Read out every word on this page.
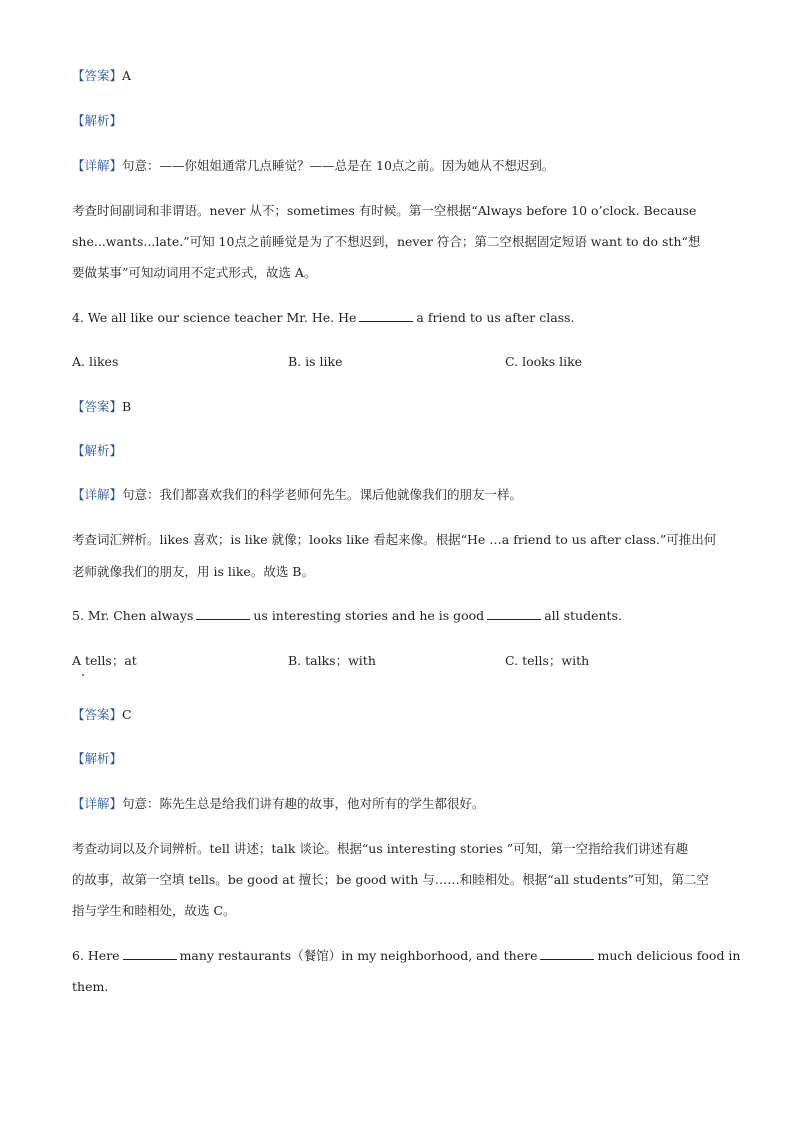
【答案】A
【解析】
【详解】句意：——你姐姐通常几点睡觉？——总是在 10点之前。因为她从不想迟到。
考查时间副词和非谓语。never 从不；sometimes 有时候。第一空根据“Always before 10 o’clock. Because
she...wants...late.”可知 10点之前睡觉是为了不想迟到，never 符合；第二空根据固定短语 want to do sth“想
要做某事”可知动词用不定式形式，故选 A。
4. We all like our science teacher Mr. He. He	a friend to us after class.
A. likes	B. is like	C. looks like
【答案】B
【解析】
【详解】句意：我们都喜欢我们的科学老师何先生。课后他就像我们的朋友一样。
考查词汇辨析。likes 喜欢；is like 就像；looks like 看起来像。根据“He …a friend to us after class.”可推出何
老师就像我们的朋友，用 is like。故选 B。
5. Mr. Chen always	us interesting stories and he is good	all students.
A tells；at	B. talks；with	C. tells；with
【答案】C
【解析】
【详解】句意：陈先生总是给我们讲有趣的故事，他对所有的学生都很好。
考查动词以及介词辨析。tell 讲述；talk 谈论。根据“us interesting stories ”可知，第一空指给我们讲述有趣
的故事，故第一空填 tells。be good at 擅长；be good with 与……和睦相处。根据“all students”可知，第二空
指与学生和睦相处，故选 C。
6. Here	many restaurants（餐馆）in my neighborhood, and there	much delicious food in
them.
